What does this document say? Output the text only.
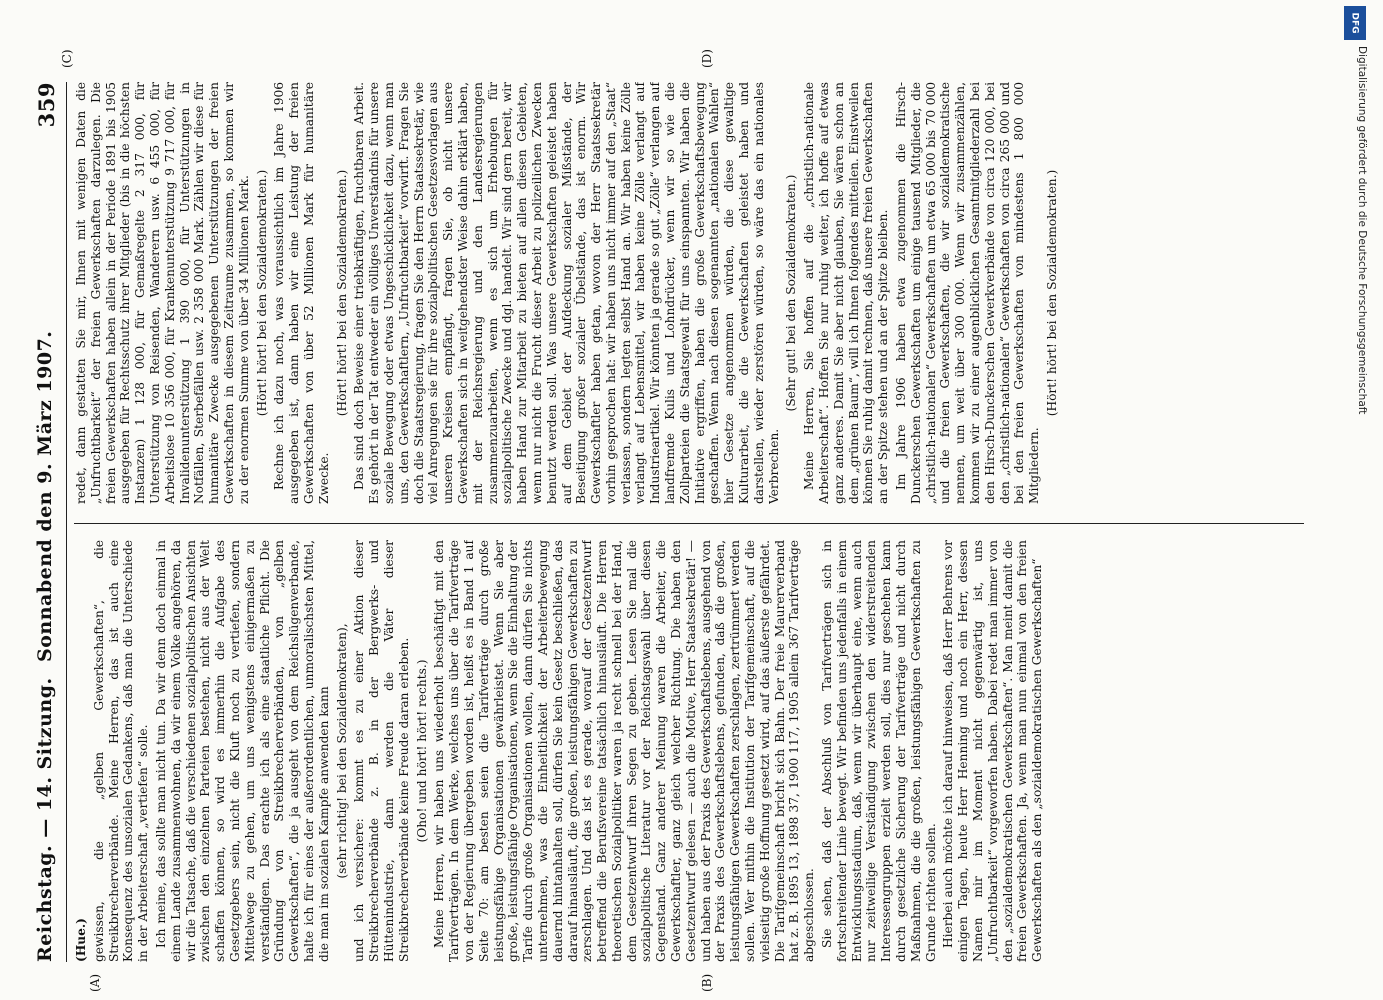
Reichstag. — 14. Sitzung.
Sonnabend den 9. März 1907.
359
(A)	(B)
(C)	(D)

(Hue.) gewissen, die „gelben Gewerkschaften“, die Streikbrecherverbände. Meine Herren, das ist auch eine Konsequenz des unsozialen Gedankens, daß man die Unterschiede in der Arbeiterschaft „vertiefen“ solle. Ich meine, das sollte man nicht tun. Da wir denn doch einmal in einem Lande zusammenwohnen, da wir einem Volke angehören, da wir die Tatsache, daß die verschiedenen sozialpolitischen Ansichten zwischen den einzelnen Parteien bestehen, nicht aus der Welt schaffen können, so wird es immerhin die Aufgabe des Gesetzgebers sein, nicht die Kluft noch zu vertiefen, sondern Mittelwege zu gehen, um uns wenigstens einigermaßen zu verständigen. Das erachte ich als eine staatliche Pflicht. Die Gründung von Streikbrecherverbänden, von „gelben Gewerkschaften“, die ja ausgeht von dem Reichslügenverbande, halte ich für eines der außerordentlichen, unmoralischsten Mittel, die man im sozialen Kampfe anwenden kann (sehr richtig! bei den Sozialdemokraten), und ich versichere: kommt es zu einer Aktion dieser Streikbrecherverbände z. B. in der Bergwerks- und Hüttenindustrie, dann werden die Väter dieser Streikbrecherverbände keine Freude daran erleben. (Oho! und hört! hört! rechts.) Meine Herren, wir haben uns wiederholt beschäftigt mit den Tarifverträgen. In dem Werke, welches uns über die Tarifverträge von der Regierung übergeben worden ist, heißt es in Band 1 auf Seite 70: am besten seien die Tarifverträge durch große leistungsfähige Organisationen gewährleistet. Wenn Sie aber große, leistungsfähige Organisationen, wenn Sie die Einhaltung der Tarife durch große Organisationen wollen, dann dürfen Sie nichts unternehmen, was die Einheitlichkeit der Arbeiterbewegung dauernd hintanhalten soll, dürfen Sie kein Gesetz beschließen, das darauf hinausläuft, die großen, leistungsfähigen Gewerkschaften zu zerschlagen. Und das ist es gerade, worauf der Gesetzentwurf betreffend die Berufsvereine tatsächlich hinausläuft. Die Herren theoretischen Sozialpolitiker waren ja recht schnell bei der Hand, dem Gesetzentwurf ihren Segen zu geben. Lesen Sie mal die sozialpolitische Literatur vor der Reichstagswahl über diesen Gegenstand. Ganz anderer Meinung waren die Arbeiter, die Gewerkschaftler, ganz gleich welcher Richtung. Die haben den Gesetzentwurf gelesen — auch die Motive, Herr Staatssekretär! — und haben aus der Praxis des Gewerkschaftslebens, ausgehend von der Praxis des Gewerkschaftslebens, gefunden, daß die großen, leistungsfähigen Gewerkschaften zerschlagen, zertrümmert werden sollen. Wer mithin die Institution der Tarifgemeinschaft, auf die vielseitig große Hoffnung gesetzt wird, auf das äußerste gefährdet. Die Tarifgemeinschaft bricht sich Bahn. Der freie Maurerverband hat z. B. 1895 13, 1898 37, 1900 117, 1905 allein 367 Tarifverträge abgeschlossen. Sie sehen, daß der Abschluß von Tarifverträgen sich in fortschreitender Linie bewegt. Wir befinden uns jedenfalls in einem Entwicklungsstadium, daß, wenn wir überhaupt eine, wenn auch nur zeitweilige Verständigung zwischen den widerstreitenden Interessengruppen erzielt werden soll, dies nur geschehen kann durch gesetzliche Sicherung der Tarifverträge und nicht durch Maßnahmen, die die großen, leistungsfähigen Gewerkschaften zu Grunde richten sollen. Hierbei auch möchte ich darauf hinweisen, daß Herr Behrens vor einigen Tagen, heute Herr Henning und noch ein Herr, dessen Namen mir im Moment nicht gegenwärtig ist, uns „Unfruchtbarkeit“ vorgeworfen haben. Dabei redet man immer von den „sozialdemokratischen Gewerkschaften“. Man meint damit die freien Gewerkschaften. Ja, wenn man nun einmal von den freien Gewerkschaften als den „sozialdemokratischen Gewerkschaften“

redet, dann gestatten Sie mir, Ihnen mit wenigen Daten die „Unfruchtbarkeit“ der freien Gewerkschaften darzulegen. Die freien Gewerkschaften haben allein in der Periode 1891 bis 1905 ausgegeben für Rechtsschutz ihrer Mitglieder (bis in die höchsten Instanzen) 1 128 000, für Gemaßregelte 2 317 000, für Unterstützung von Reisenden, Wanderern usw. 6 455 000, für Arbeitslose 10 356 000, für Krankenunterstützung 9 717 000, für Invalidenunterstützung 1 390 000, für Unterstützungen in Notfällen, Sterbefällen usw. 2 358 000 Mark. Zählen wir diese für humanitäre Zwecke ausgegebenen Unterstützungen der freien Gewerkschaften in diesem Zeitraume zusammen, so kommen wir zu der enormen Summe von über 34 Millionen Mark. (Hört! hört! bei den Sozialdemokraten.) Rechne ich dazu noch, was voraussichtlich im Jahre 1906 ausgegeben ist, dann haben wir eine Leistung der freien Gewerkschaften von über 52 Millionen Mark für humanitäre Zwecke.

(Hört! hört! bei den Sozialdemokraten.) Das sind doch Beweise einer triebkräftigen, fruchtbaren Arbeit. Es gehört in der Tat entweder ein völliges Unverständnis für unsere soziale Bewegung oder etwas Ungeschicklichkeit dazu, wenn man uns, den Gewerkschaftlern, „Unfruchtbarkeit“ vorwirft. Fragen Sie doch die Staatsregierung, fragen Sie den Herrn Staatssekretär, wie viel Anregungen sie für ihre sozialpolitischen Gesetzesvorlagen aus unseren Kreisen empfängt, fragen Sie, ob nicht unsere Gewerkschaften sich in weitgehendster Weise dahin erklärt haben, mit der Reichsregierung und den Landesregierungen zusammenzuarbeiten, wenn es sich um Erhebungen für sozialpolitische Zwecke und dgl. handelt. Wir sind gern bereit, wir haben Hand zur Mitarbeit zu bieten auf allen diesen Gebieten, wenn nur nicht die Frucht dieser Arbeit zu polizeilichen Zwecken benutzt werden soll. Was unsere Gewerkschaften geleistet haben auf dem Gebiet der Aufdeckung sozialer Mißstände, der Beseitigung großer sozialer Übelstände, das ist enorm. Wir Gewerkschaftler haben getan, wovon der Herr Staatssekretär vorhin gesprochen hat: wir haben uns nicht immer auf den „Staat“ verlassen, sondern legten selbst Hand an. Wir haben keine Zölle verlangt auf Lebensmittel, wir haben keine Zölle verlangt auf Industrieartikel. Wir könnten ja gerade so gut „Zölle“ verlangen auf landfremde Kulis und Lohndrücker, wenn wir so wie die Zollparteien die Staatsgewalt für uns einspannten. Wir haben die Initiative ergriffen, haben die große Gewerkschaftsbewegung geschaffen. Wenn nach diesen sogenannten „nationalen Wahlen“ hier Gesetze angenommen würden, die diese gewaltige Kulturarbeit, die die Gewerkschaften geleistet haben und darstellen, wieder zerstören würden, so wäre das ein nationales Verbrechen.

(Sehr gut! bei den Sozialdemokraten.) Meine Herren, Sie hoffen auf die „christlich-nationale Arbeiterschaft“. Hoffen Sie nur ruhig weiter, ich hoffe auf etwas ganz anderes. Damit Sie aber nicht glauben, Sie wären schon an dem „grünen Baum“, will ich Ihnen folgendes mitteilen. Einstweilen können Sie ruhig damit rechnen, daß unsere freien Gewerkschaften an der Spitze stehen und an der Spitze bleiben. Im Jahre 1906 haben etwa zugenommen die Hirsch-Dunckerschen Gewerkschaften um einige tausend Mitglieder, die „christlich-nationalen“ Gewerkschaften um etwa 65 000 bis 70 000 und die freien Gewerkschaften, die wir sozialdemokratische nennen, um weit über 300 000. Wenn wir zusammenzählen, kommen wir zu einer augenblicklichen Gesamtmitgliederzahl bei den Hirsch-Dunckerschen Gewerkverbände von circa 120 000, bei den „christlich-nationalen“ Gewerkschaften von circa 265 000 und bei den freien Gewerkschaften von mindestens 1 800 000 Mitgliedern.

(Hört! hört! bei den Sozialdemokraten.)

DFG
Digitalisierung gefördert durch die Deutsche Forschungsgemeinschaft
